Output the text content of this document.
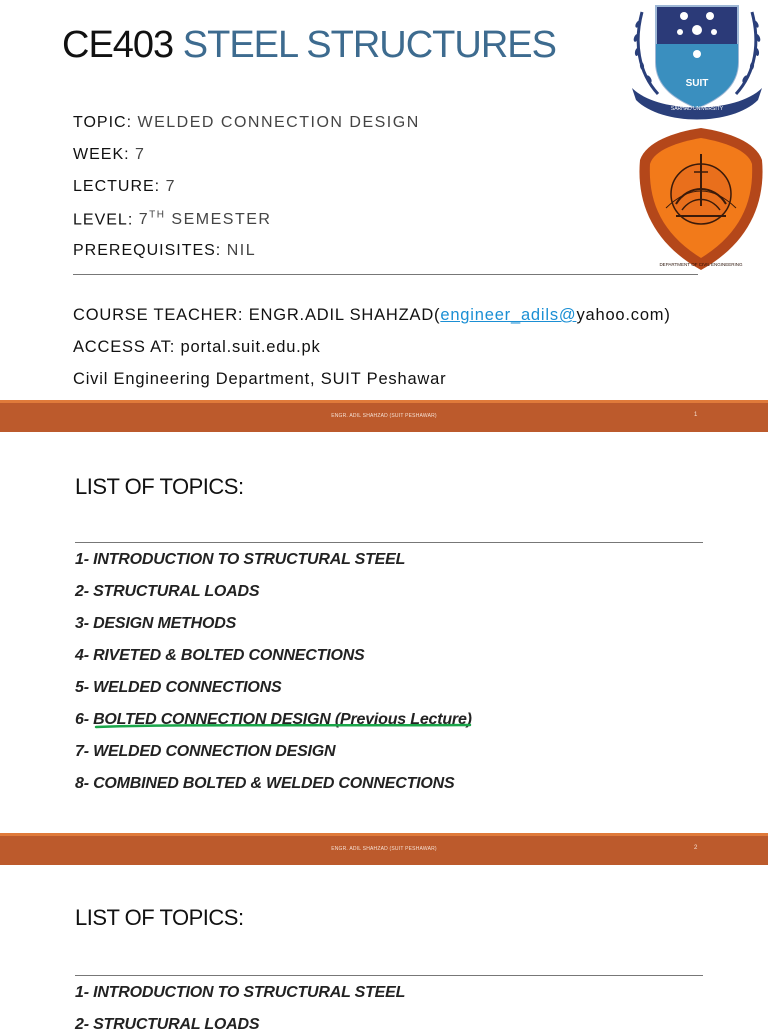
CE403 STEEL STRUCTURES
TOPIC: WELDED CONNECTION DESIGN
WEEK: 7
LECTURE: 7
LEVEL: 7TH SEMESTER
PREREQUISITES: NIL
COURSE TEACHER: ENGR.ADIL SHAHZAD(engineer_adils@yahoo.com)
ACCESS AT: portal.suit.edu.pk
Civil Engineering Department, SUIT Peshawar
SUIT
SARHAD UNIVERSITY
DEPARTMENT OF CIVIL ENGINEERING
ENGR. ADIL SHAHZAD (SUIT PESHAWAR)	1
LIST OF TOPICS:
1- INTRODUCTION TO STRUCTURAL STEEL
2- STRUCTURAL LOADS
3- DESIGN METHODS
4- RIVETED & BOLTED CONNECTIONS
5- WELDED CONNECTIONS
6- BOLTED CONNECTION DESIGN (Previous Lecture)
7- WELDED CONNECTION DESIGN
8- COMBINED BOLTED & WELDED CONNECTIONS
ENGR. ADIL SHAHZAD (SUIT PESHAWAR)	2
LIST OF TOPICS:
1- INTRODUCTION TO STRUCTURAL STEEL
2- STRUCTURAL LOADS
